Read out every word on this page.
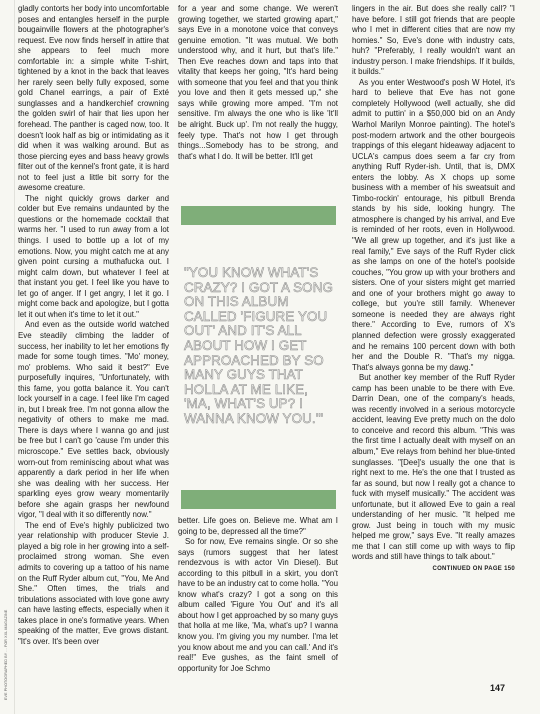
EVE PHOTOGRAPHED BY ... FOR XXL MAGAZINE

gladly contorts her body into uncomfortable poses and entangles herself in the purple bougainville flowers at the photographer's request. Eve now finds herself in attire that she appears to feel much more comfortable in: a simple white T-shirt, tightened by a knot in the back that leaves her rarely seen belly fully exposed, some gold Chanel earrings, a pair of Exté sunglasses and a handkerchief crowning the golden swirl of hair that lies upon her forehead. The panther is caged now, too. It doesn't look half as big or intimidating as it did when it was walking around. But as those piercing eyes and bass heavy growls filter out of the kennel's front gate, it is hard not to feel just a little bit sorry for the awesome creature.

The night quickly grows darker and colder but Eve remains undaunted by the questions or the homemade cocktail that warms her. "I used to run away from a lot things. I used to bottle up a lot of my emotions. Now, you might catch me at any given point cursing a muthafucka out. I might calm down, but whatever I feel at that instant you get. I feel like you have to let go of anger. If I get angry, I let it go. I might come back and apologize, but I gotta let it out when it's time to let it out."

And even as the outside world watched Eve steadily climbing the ladder of success, her inability to let her emotions fly made for some tough times. "Mo' money, mo' problems. Who said it best?" Eve purposefully inquires, "Unfortunately, with this fame, you gotta balance it. You can't lock yourself in a cage. I feel like I'm caged in, but I break free. I'm not gonna allow the negativity of others to make me mad. There is days where I wanna go and just be free but I can't go 'cause I'm under this microscope." Eve settles back, obviously worn-out from reminiscing about what was apparently a dark period in her life when she was dealing with her success. Her sparkling eyes grow weary momentarily before she again grasps her newfound vigor, "I deal with it so differently now."

The end of Eve's highly publicized two year relationship with producer Stevie J. played a big role in her growing into a self-proclaimed strong woman. She even admits to covering up a tattoo of his name on the Ruff Ryder album cut, "You, Me And She." Often times, the trials and tribulations associated with love gone awry can have lasting effects, especially when it takes place in one's formative years. When speaking of the matter, Eve grows distant. "It's over. It's been over

for a year and some change. We weren't growing together, we started growing apart," says Eve in a monotone voice that conveys genuine emotion. "It was mutual. We both understood why, and it hurt, but that's life." Then Eve reaches down and taps into that vitality that keeps her going, "It's hard being with someone that you feel and that you think you love and then it gets messed up," she says while growing more amped. "I'm not sensitive. I'm always the one who is like 'It'll be alright. Buck up'. I'm not really the huggy, feely type. That's not how I get through things...Somebody has to be strong, and that's what I do. It will be better. It'll get

"YOU KNOW WHAT'S CRAZY? I GOT A SONG ON THIS ALBUM CALLED 'FIGURE YOU OUT' AND IT'S ALL ABOUT HOW I GET APPROACHED BY SO MANY GUYS THAT HOLLA AT ME LIKE, 'MA, WHAT'S UP? I WANNA KNOW YOU.'"

better. Life goes on. Believe me. What am I going to be, depressed all the time?"

So for now, Eve remains single. Or so she says (rumors suggest that her latest rendezvous is with actor Vin Diesel). But according to this pitbull in a skirt, you don't have to be an industry cat to come holla. "You know what's crazy? I got a song on this album called 'Figure You Out' and it's all about how I get approached by so many guys that holla at me like, 'Ma, what's up? I wanna know you. I'm giving you my number. I'ma let you know about me and you can call.' And it's real!" Eve gushes, as the faint smell of opportunity for Joe Schmo

lingers in the air. But does she really call? "I have before. I still got friends that are people who I met in different cities that are now my homies." So, Eve's done with industry cats, huh? "Preferably, I really wouldn't want an industry person. I make friendships. If it builds, it builds."

As you enter Westwood's posh W Hotel, it's hard to believe that Eve has not gone completely Hollywood (well actually, she did admit to puttin' in a $50,000 bid on an Andy Warhol Marilyn Monroe painting). The hotel's post-modern artwork and the other bourgeois trappings of this elegant hideaway adjacent to UCLA's campus does seem a far cry from anything Ruff Ryder-ish. Until, that is, DMX enters the lobby. As X chops up some business with a member of his sweatsuit and Timbo-rockin' entourage, his pitbull Brenda stands by his side, looking hungry. The atmosphere is changed by his arrival, and Eve is reminded of her roots, even in Hollywood. "We all grew up together, and it's just like a real family," Eve says of the Ruff Ryder click as she lamps on one of the hotel's poolside couches, "You grow up with your brothers and sisters. One of your sisters might get married and one of your brothers might go away to college, but you're still family. Whenever someone is needed they are always right there." According to Eve, rumors of X's planned defection were grossly exaggerated and he remains 100 percent down with both her and the Double R. "That's my nigga. That's always gonna be my dawg."

But another key member of the Ruff Ryder camp has been unable to be there with Eve. Darrin Dean, one of the company's heads, was recently involved in a serious motorcycle accident, leaving Eve pretty much on the dolo to conceive and record this album. "This was the first time I actually dealt with myself on an album," Eve relays from behind her blue-tinted sunglasses. "[Dee]'s usually the one that is right next to me. He's the one that I trusted as far as sound, but now I really got a chance to fuck with myself musically." The accident was unfortunate, but it allowed Eve to gain a real understanding of her music. "It helped me grow. Just being in touch with my music helped me grow," says Eve. "It really amazes me that I can still come up with ways to flip words and still have things to talk about."

CONTINUED ON PAGE 150
147
